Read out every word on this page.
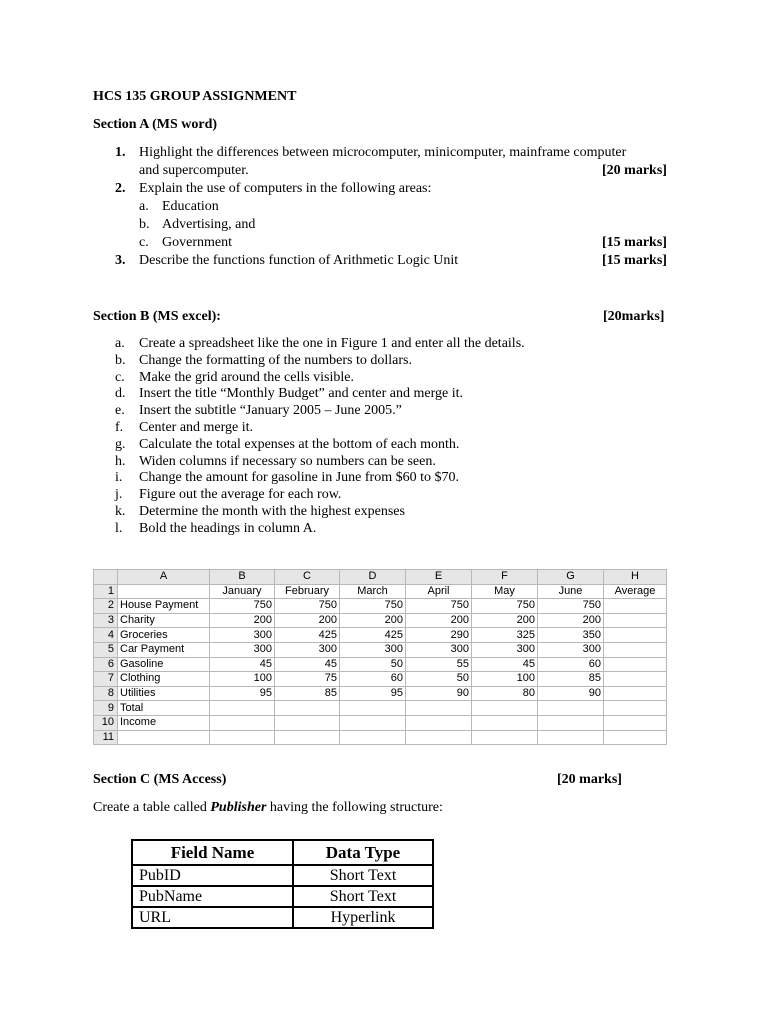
HCS 135 GROUP ASSIGNMENT
Section A (MS word)
1. Highlight the differences between microcomputer, minicomputer, mainframe computer
and supercomputer.	[20 marks]
2. Explain the use of computers in the following areas:
a. Education
b. Advertising, and
c. Government	[15 marks]
3. Describe the functions function of Arithmetic Logic Unit	[15 marks]
Section B (MS excel):	[20marks]
a. Create a spreadsheet like the one in Figure 1 and enter all the details.
b. Change the formatting of the numbers to dollars.
c. Make the grid around the cells visible.
d. Insert the title “Monthly Budget” and center and merge it.
e. Insert the subtitle “January 2005 – June 2005.”
f. Center and merge it.
g. Calculate the total expenses at the bottom of each month.
h. Widen columns if necessary so numbers can be seen.
i. Change the amount for gasoline in June from $60 to $70.
j. Figure out the average for each row.
k. Determine the month with the highest expenses
l. Bold the headings in column A.
	A	B	C	D	E	F	G	H
1		January	February	March	April	May	June	Average
2	House Payment	750	750	750	750	750	750	
3	Charity	200	200	200	200	200	200	
4	Groceries	300	425	425	290	325	350	
5	Car Payment	300	300	300	300	300	300	
6	Gasoline	45	45	50	55	45	60	
7	Clothing	100	75	60	50	100	85	
8	Utilities	95	85	95	90	80	90	
9	Total							
10	Income							
11								
Section C (MS Access)	[20 marks]
Create a table called Publisher having the following structure:
Field Name	Data Type
PubID	Short Text
PubName	Short Text
URL	Hyperlink
